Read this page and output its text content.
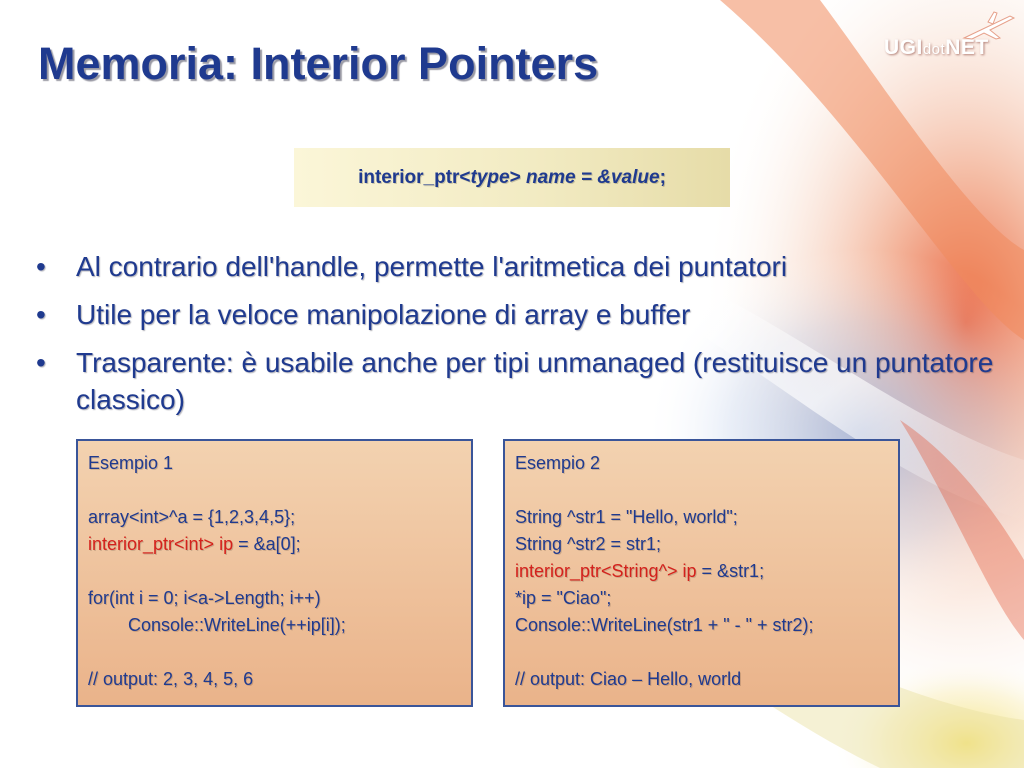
Memoria: Interior Pointers	UGIdotNET
interior_ptr< type > name = &value ;
• Al contrario dell'handle, permette l'aritmetica dei puntatori
• Utile per la veloce manipolazione di array e buffer
• Trasparente: è usabile anche per tipi unmanaged (restituisce un puntatore classico)
Esempio 1
array<int>^a = {1,2,3,4,5};
interior_ptr<int> ip = &a[0];
for(int i = 0; i<a->Length; i++)
Console::WriteLine(++ip[i]);
// output: 2, 3, 4, 5, 6
Esempio 2
String ^str1 = "Hello, world";
String ^str2 = str1;
interior_ptr<String^> ip = &str1;
*ip = "Ciao";
Console::WriteLine(str1 + " - " + str2);
// output: Ciao – Hello, world
